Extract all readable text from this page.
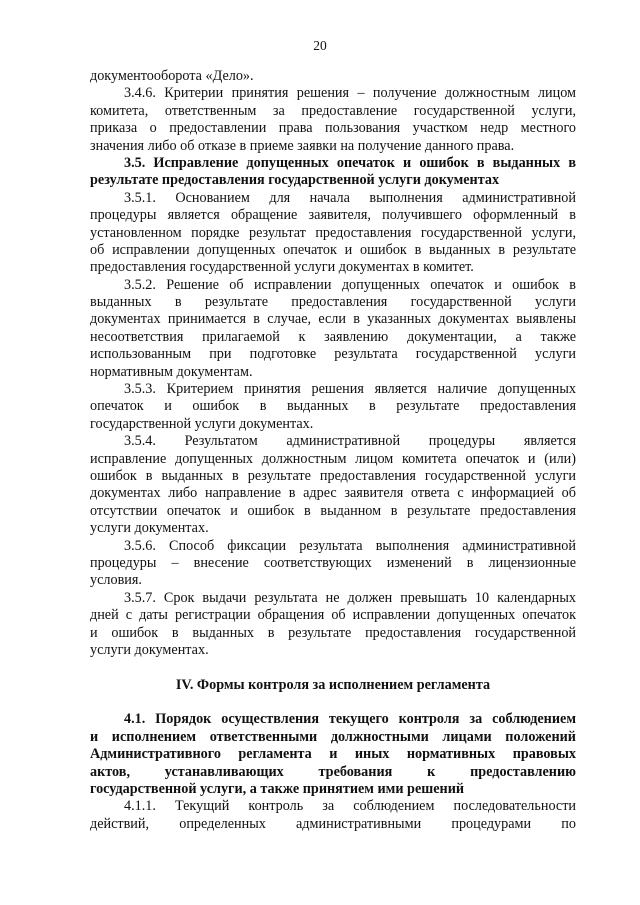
20
документооборота «Дело».
3.4.6. Критерии принятия решения – получение должностным лицом
комитета, ответственным за предоставление государственной услуги,
приказа о предоставлении права пользования участком недр местного
значения либо об отказе в приеме заявки на получение данного права.
3.5. Исправление допущенных опечаток и ошибок в выданных в
результате предоставления государственной услуги документах
3.5.1. Основанием для начала выполнения административной
процедуры является обращение заявителя, получившего оформленный в
установленном порядке результат предоставления государственной услуги,
об исправлении допущенных опечаток и ошибок в выданных в результате
предоставления государственной услуги документах в комитет.
3.5.2. Решение об исправлении допущенных опечаток и ошибок в
выданных в результате предоставления государственной услуги
документах принимается в случае, если в указанных документах выявлены
несоответствия прилагаемой к заявлению документации, а также
использованным при подготовке результата государственной услуги
нормативным документам.
3.5.3. Критерием принятия решения является наличие допущенных
опечаток и ошибок в выданных в результате предоставления
государственной услуги документах.
3.5.4. Результатом административной процедуры является
исправление допущенных должностным лицом комитета опечаток и (или)
ошибок в выданных в результате предоставления государственной услуги
документах либо направление в адрес заявителя ответа с информацией об
отсутствии опечаток и ошибок в выданном в результате предоставления
услуги документах.
3.5.6. Способ фиксации результата выполнения административной
процедуры – внесение соответствующих изменений в лицензионные
условия.
3.5.7. Срок выдачи результата не должен превышать 10 календарных
дней с даты регистрации обращения об исправлении допущенных опечаток
и ошибок в выданных в результате предоставления государственной
услуги документах.
IV. Формы контроля за исполнением регламента
4.1. Порядок осуществления текущего контроля за соблюдением
и исполнением ответственными должностными лицами положений
Административного регламента и иных нормативных правовых
актов, устанавливающих требования к предоставлению
государственной услуги, а также принятием ими решений
4.1.1. Текущий контроль за соблюдением последовательности
действий, определенных административными процедурами по
